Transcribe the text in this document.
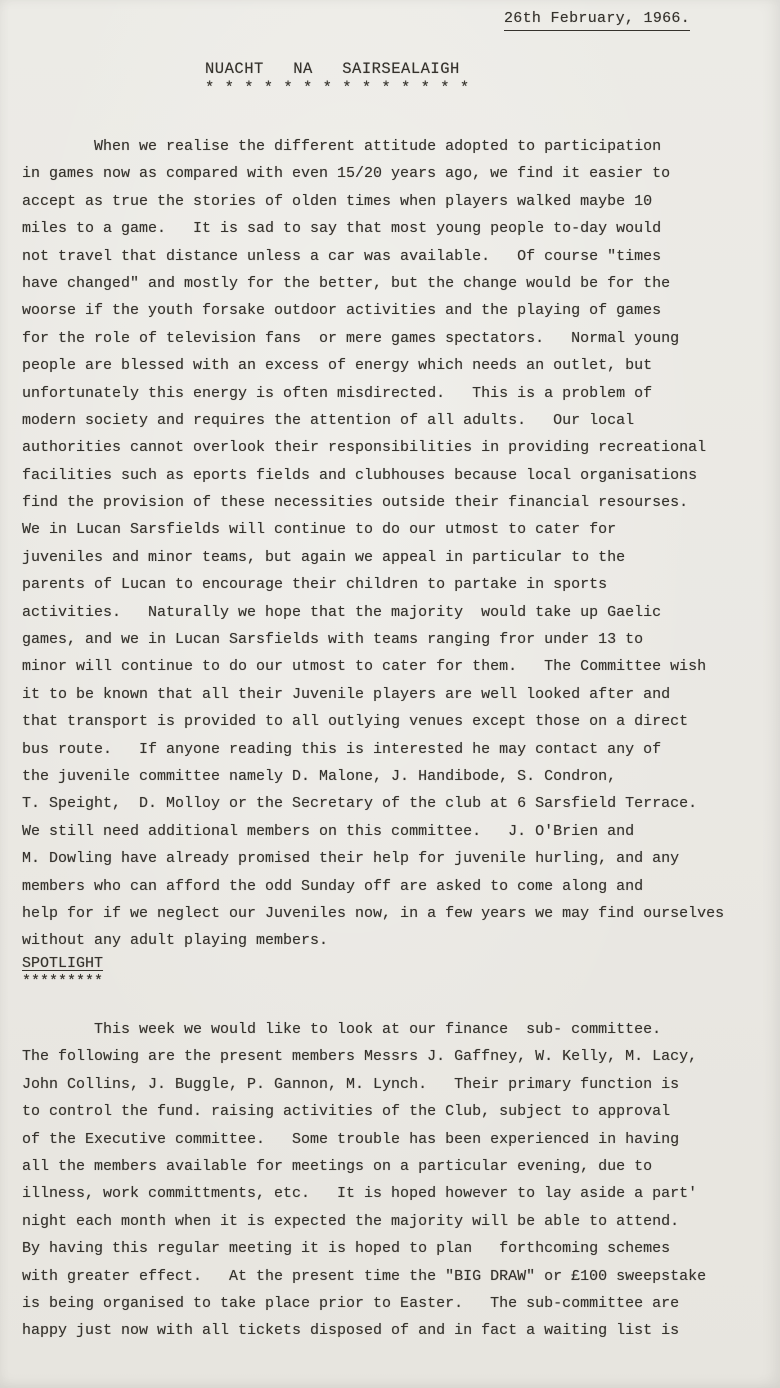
26th February, 1966.
NUACHT   NA   SAIRSEALAIGH
* * * * * * * * * * * * * *
When we realise the different attitude adopted to participation
in games now as compared with even 15/20 years ago, we find it easier to
accept as true the stories of olden times when players walked maybe 10
miles to a game.   It is sad to say that most young people to-day would
not travel that distance unless a car was available.   Of course "times
have changed" and mostly for the better, but the change would be for the
woorse if the youth forsake outdoor activities and the playing of games
for the role of television fans  or mere games spectators.   Normal young
people are blessed with an excess of energy which needs an outlet, but
unfortunately this energy is often misdirected.   This is a problem of
modern society and requires the attention of all adults.   Our local
authorities cannot overlook their responsibilities in providing recreational
facilities such as eports fields and clubhouses because local organisations
find the provision of these necessities outside their financial resourses.
We in Lucan Sarsfields will continue to do our utmost to cater for
juveniles and minor teams, but again we appeal in particular to the
parents of Lucan to encourage their children to partake in sports
activities.   Naturally we hope that the majority  would take up Gaelic
games, and we in Lucan Sarsfields with teams ranging fror under 13 to
minor will continue to do our utmost to cater for them.   The Committee wish
it to be known that all their Juvenile players are well looked after and
that transport is provided to all outlying venues except those on a direct
bus route.   If anyone reading this is interested he may contact any of
the juvenile committee namely D. Malone, J. Handibode, S. Condron,
T. Speight,  D. Molloy or the Secretary of the club at 6 Sarsfield Terrace.
We still need additional members on this committee.   J. O'Brien and
M. Dowling have already promised their help for juvenile hurling, and any
members who can afford the odd Sunday off are asked to come along and
help for if we neglect our Juveniles now, in a few years we may find ourselves
without any adult playing members.
SPOTLIGHT
*********
This week we would like to look at our finance  sub- committee.
The following are the present members Messrs J. Gaffney, W. Kelly, M. Lacy,
John Collins, J. Buggle, P. Gannon, M. Lynch.   Their primary function is
to control the fund. raising activities of the Club, subject to approval
of the Executive committee.   Some trouble has been experienced in having
all the members available for meetings on a particular evening, due to
illness, work committments, etc.   It is hoped however to lay aside a part'
night each month when it is expected the majority will be able to attend.
By having this regular meeting it is hoped to plan   forthcoming schemes
with greater effect.   At the present time the "BIG DRAW" or £100 sweepstake
is being organised to take place prior to Easter.   The sub-committee are
happy just now with all tickets disposed of and in fact a waiting list is
